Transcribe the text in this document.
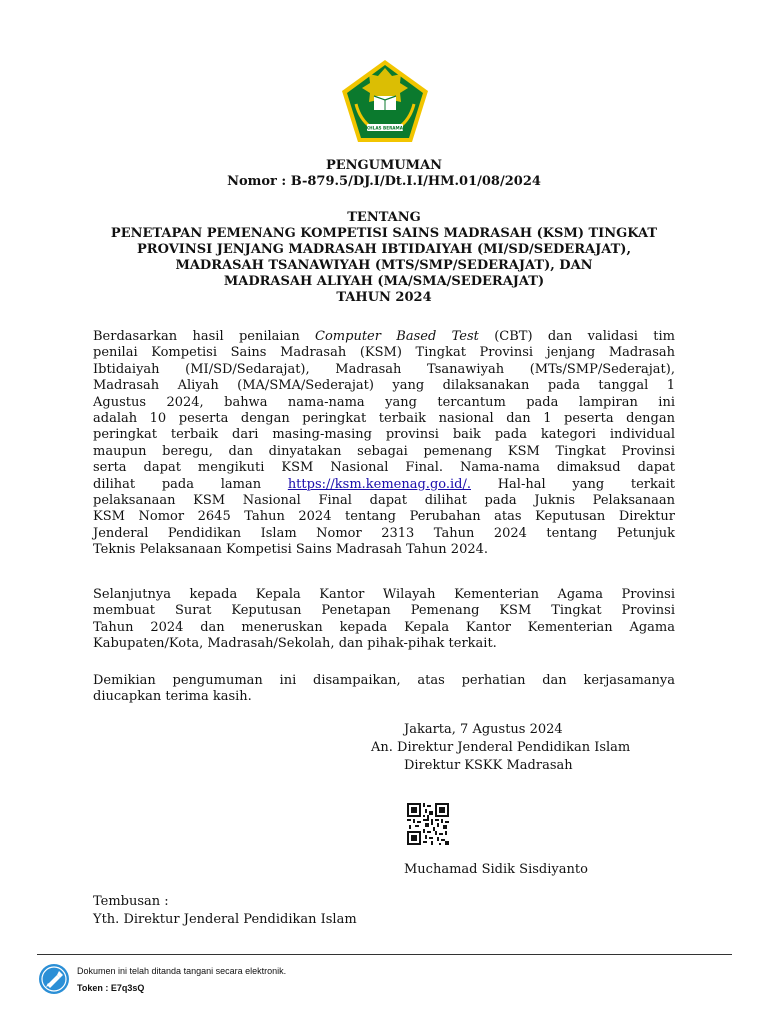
IKHLAS BERAMAL
PENGUMUMAN
Nomor : B-879.5/DJ.I/Dt.I.I/HM.01/08/2024
TENTANG
PENETAPAN PEMENANG KOMPETISI SAINS MADRASAH (KSM) TINGKAT
PROVINSI JENJANG MADRASAH IBTIDAIYAH (MI/SD/SEDERAJAT),
MADRASAH TSANAWIYAH (MTS/SMP/SEDERAJAT), DAN
MADRASAH ALIYAH (MA/SMA/SEDERAJAT)
TAHUN 2024
Berdasarkan hasil penilaian Computer Based Test (CBT) dan validasi tim
penilai Kompetisi Sains Madrasah (KSM) Tingkat Provinsi jenjang Madrasah
Ibtidaiyah (MI/SD/Sedarajat), Madrasah Tsanawiyah (MTs/SMP/Sederajat),
Madrasah Aliyah (MA/SMA/Sederajat) yang dilaksanakan pada tanggal 1
Agustus 2024, bahwa nama-nama yang tercantum pada lampiran ini
adalah 10 peserta dengan peringkat terbaik nasional dan 1 peserta dengan
peringkat terbaik dari masing-masing provinsi baik pada kategori individual
maupun beregu, dan dinyatakan sebagai pemenang KSM Tingkat Provinsi
serta dapat mengikuti KSM Nasional Final. Nama-nama dimaksud dapat
dilihat pada laman https://ksm.kemenag.go.id/. Hal-hal yang terkait
pelaksanaan KSM Nasional Final dapat dilihat pada Juknis Pelaksanaan
KSM Nomor 2645 Tahun 2024 tentang Perubahan atas Keputusan Direktur
Jenderal Pendidikan Islam Nomor 2313 Tahun 2024 tentang Petunjuk
Teknis Pelaksanaan Kompetisi Sains Madrasah Tahun 2024.
Selanjutnya kepada Kepala Kantor Wilayah Kementerian Agama Provinsi
membuat Surat Keputusan Penetapan Pemenang KSM Tingkat Provinsi
Tahun 2024 dan meneruskan kepada Kepala Kantor Kementerian Agama
Kabupaten/Kota, Madrasah/Sekolah, dan pihak-pihak terkait.
Demikian pengumuman ini disampaikan, atas perhatian dan kerjasamanya
diucapkan terima kasih.
Jakarta, 7 Agustus 2024
An. Direktur Jenderal Pendidikan Islam
Direktur KSKK Madrasah
Muchamad Sidik Sisdiyanto
Tembusan :
Yth. Direktur Jenderal Pendidikan Islam
Dokumen ini telah ditanda tangani secara elektronik.
Token : E7q3sQ
